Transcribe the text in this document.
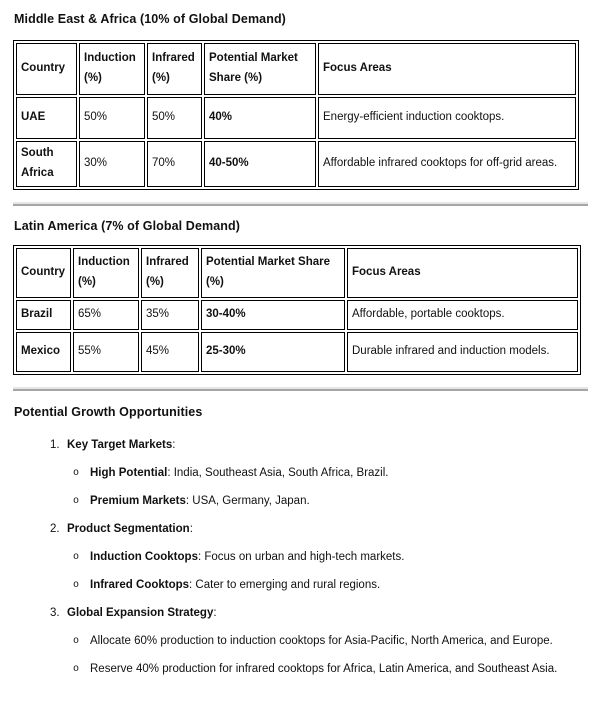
Middle East & Africa (10% of Global Demand)
Country	Induction (%)	Infrared (%)	Potential Market Share (%)	Focus Areas
UAE	50%	50%	40%	Energy-efficient induction cooktops.
South Africa	30%	70%	40-50%	Affordable infrared cooktops for off-grid areas.
Latin America (7% of Global Demand)
Country	Induction (%)	Infrared (%)	Potential Market Share (%)	Focus Areas
Brazil	65%	35%	30-40%	Affordable, portable cooktops.
Mexico	55%	45%	25-30%	Durable infrared and induction models.
Potential Growth Opportunities
1. Key Target Markets:
o High Potential: India, Southeast Asia, South Africa, Brazil.
o Premium Markets: USA, Germany, Japan.
2. Product Segmentation:
o Induction Cooktops: Focus on urban and high-tech markets.
o Infrared Cooktops: Cater to emerging and rural regions.
3. Global Expansion Strategy:
o Allocate 60% production to induction cooktops for Asia-Pacific, North America, and Europe.
o Reserve 40% production for infrared cooktops for Africa, Latin America, and Southeast Asia.
